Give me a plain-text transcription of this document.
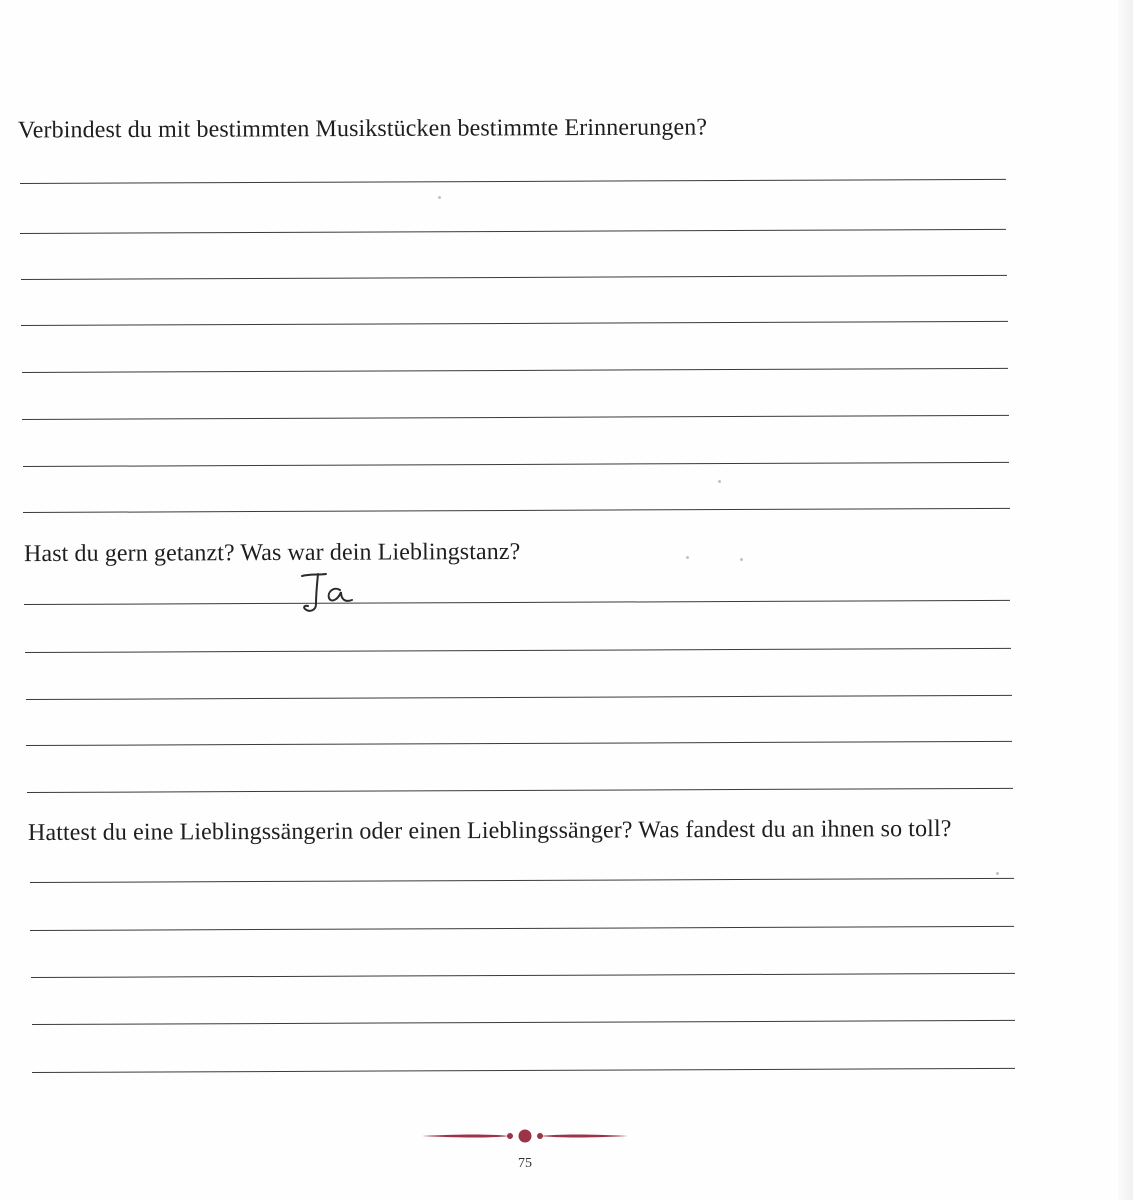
Verbindest du mit bestimmten Musikstücken bestimmte Erinnerungen?

Hast du gern getanzt? Was war dein Lieblingstanz?

Hattest du eine Lieblingssängerin oder einen Lieblingssänger? Was fandest du an ihnen so toll?

75
